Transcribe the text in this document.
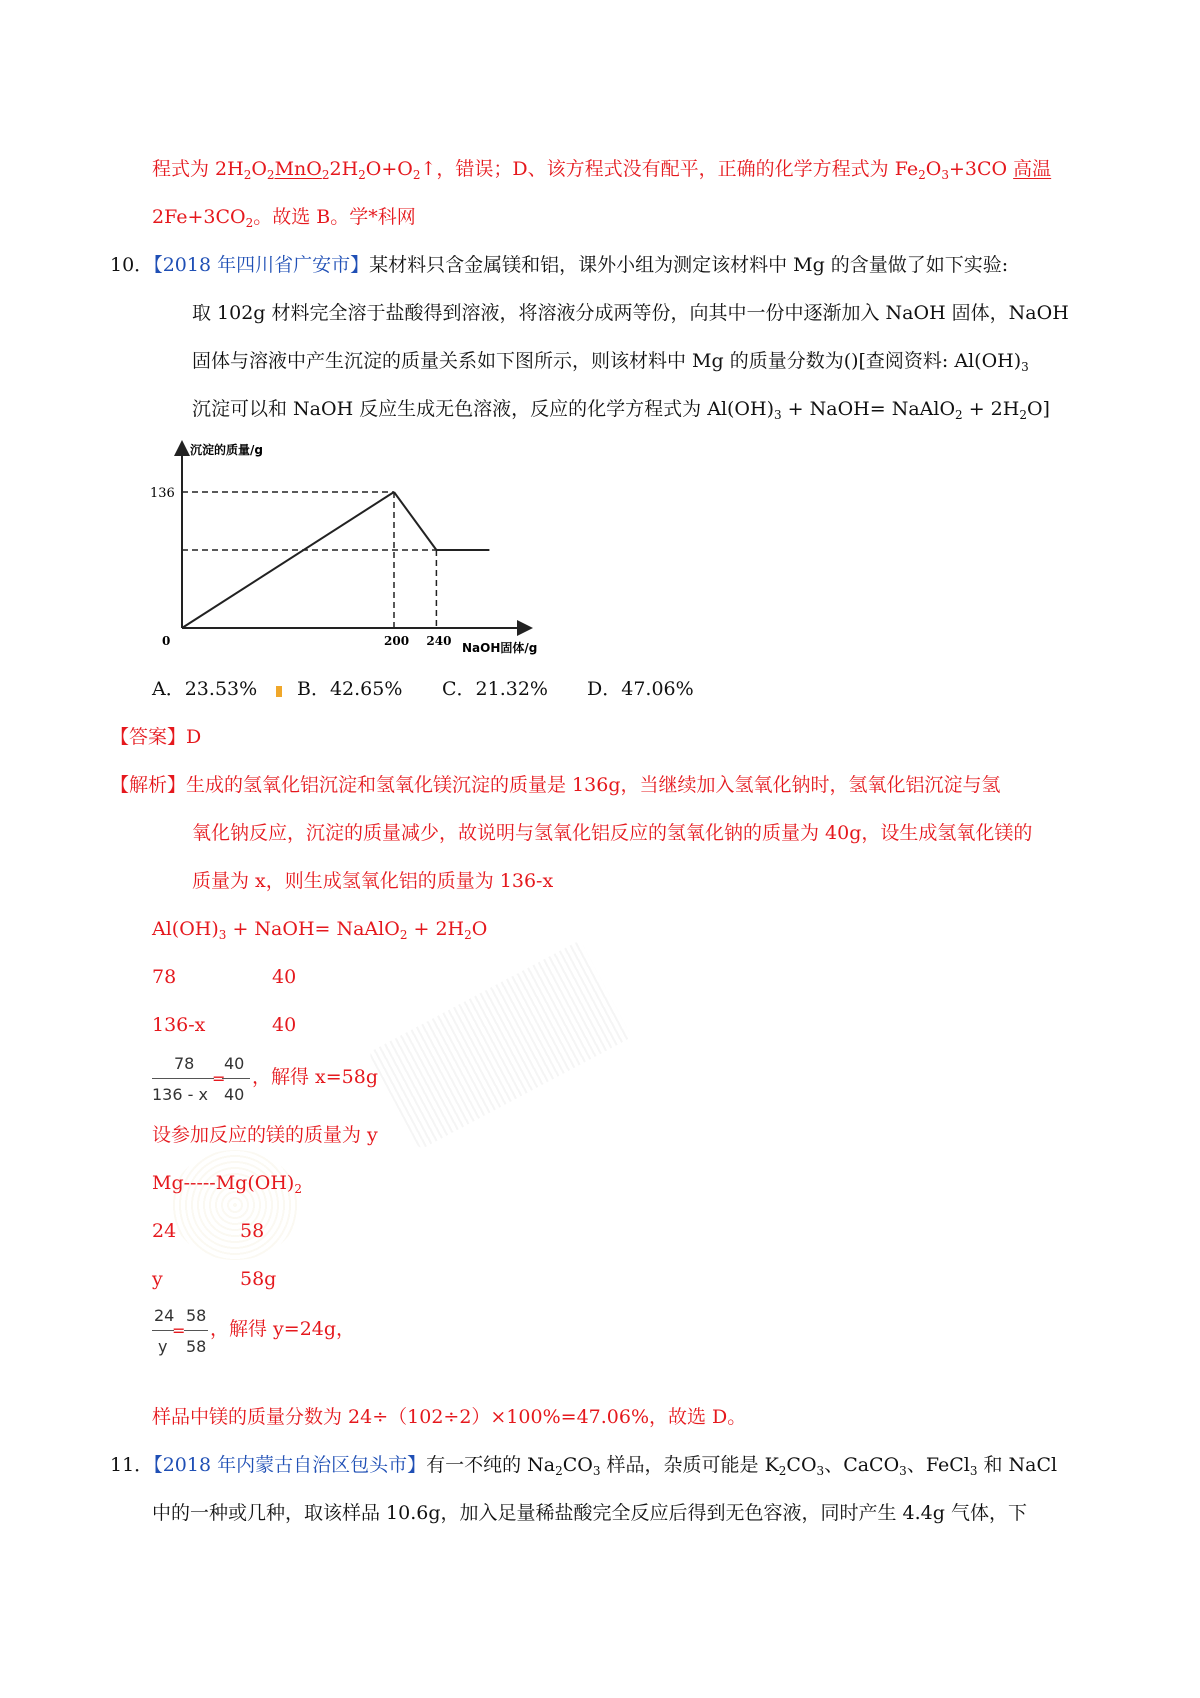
程式为 $2H_2O_2MnO_22H_2O+O_2↑$，错误；D、该方程式没有配平，正确的化学方程式为 $Fe_2O_3+3CO$ 高温
$2Fe+3CO_2$。故选 B。学*科网
10．【2018 年四川省广安市】某材料只含金属镁和铝，课外小组为测定该材料中 Mg 的含量做了如下实验:
取 102g 材料完全溶于盐酸得到溶液，将溶液分成两等份，向其中一份中逐渐加入 NaOH 固体，NaOH
固体与溶液中产生沉淀的质量关系如下图所示，则该材料中 Mg 的质量分数为()[查阅资料: $Al(OH)_3$
沉淀可以和 NaOH 反应生成无色溶液，反应的化学方程式为 $Al(OH)_3$ + NaOH= NaAlO$_2$ + $2H_2O$]
沉淀的质量/g
NaOH固体/g
0	200 240
136
A．23.53% B．42.65% C．21.32% D．47.06%
【答案】D
【解析】生成的氢氧化铝沉淀和氢氧化镁沉淀的质量是 136g，当继续加入氢氧化钠时，氢氧化铝沉淀与氢
氧化钠反应，沉淀的质量减少，故说明与氢氧化铝反应的氢氧化钠的质量为 40g，设生成氢氧化镁的
质量为 x，则生成氢氧化铝的质量为 136-x
$Al(OH)_3$ + NaOH= NaAlO$_2$ + $2H_2O$
78	40
136-x	40
78 40
=
136 - x 40
，解得 x=58g
设参加反应的镁的质量为 y
$Mg-----Mg(OH)_2$
24	58
y	58g
24 58
=
y 58
，解得 y=24g，
样品中镁的质量分数为 24÷（102÷2）×100%=47.06%，故选 D。
11．【2018 年内蒙古自治区包头市】有一不纯的 $Na_2CO_3$ 样品，杂质可能是 $K_2CO_3$、CaCO$_3$、FeCl$_3$ 和 NaCl
中的一种或几种，取该样品 10.6g，加入足量稀盐酸完全反应后得到无色容液，同时产生 4.4g 气体，下
